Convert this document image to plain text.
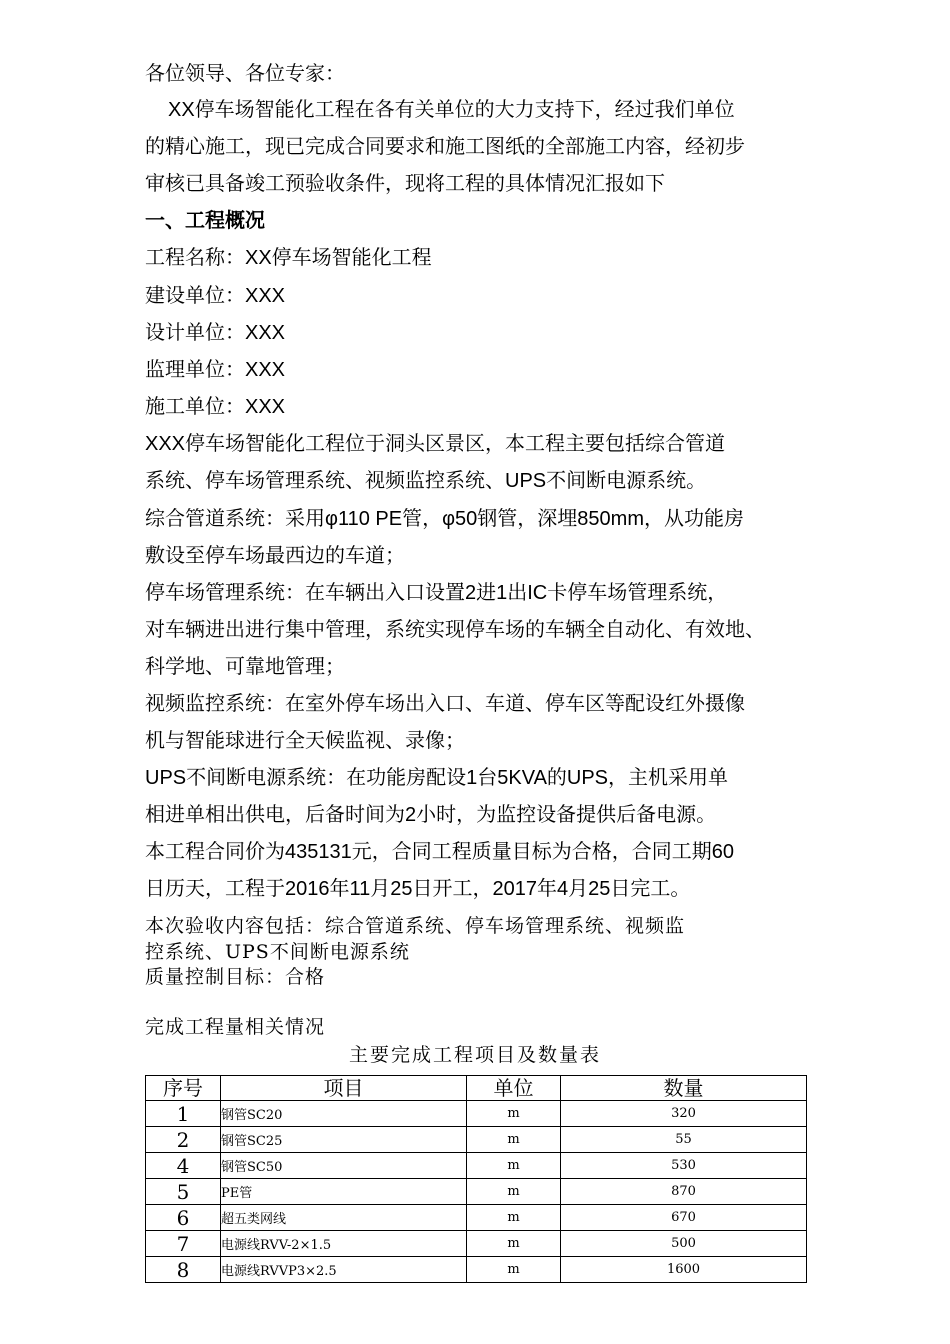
各位领导、各位专家：
XX停车场智能化工程在各有关单位的大力支持下，经过我们单位
的精心施工，现已完成合同要求和施工图纸的全部施工内容，经初步
审核已具备竣工预验收条件，现将工程的具体情况汇报如下
一、工程概况
工程名称：XX停车场智能化工程
建设单位：XXX
设计单位：XXX
监理单位：XXX
施工单位：XXX
XXX停车场智能化工程位于洞头区景区，本工程主要包括综合管道
系统、停车场管理系统、视频监控系统、UPS不间断电源系统。
综合管道系统：采用φ110 PE管，φ50钢管，深埋850mm，从功能房
敷设至停车场最西边的车道；
停车场管理系统：在车辆出入口设置2进1出IC卡停车场管理系统，
对车辆进出进行集中管理，系统实现停车场的车辆全自动化、有效地、
科学地、可靠地管理；
视频监控系统：在室外停车场出入口、车道、停车区等配设红外摄像
机与智能球进行全天候监视、录像；
UPS不间断电源系统：在功能房配设1台5KVA的UPS，主机采用单
相进单相出供电，后备时间为2小时，为监控设备提供后备电源。
本工程合同价为435131元，合同工程质量目标为合格，合同工期60
日历天，工程于2016年11月25日开工，2017年4月25日完工。
本次验收内容包括：综合管道系统、停车场管理系统、视频监
控系统、UPS不间断电源系统
质量控制目标：合格
完成工程量相关情况
主要完成工程项目及数量表
序号	项目	单位	数量
1	钢管SC20	m	320
2	钢管SC25	m	55
4	钢管SC50	m	530
5	PE管	m	870
6	超五类网线	m	670
7	电源线RVV-2×1.5	m	500
8	电源线RVVP3×2.5	m	1600
